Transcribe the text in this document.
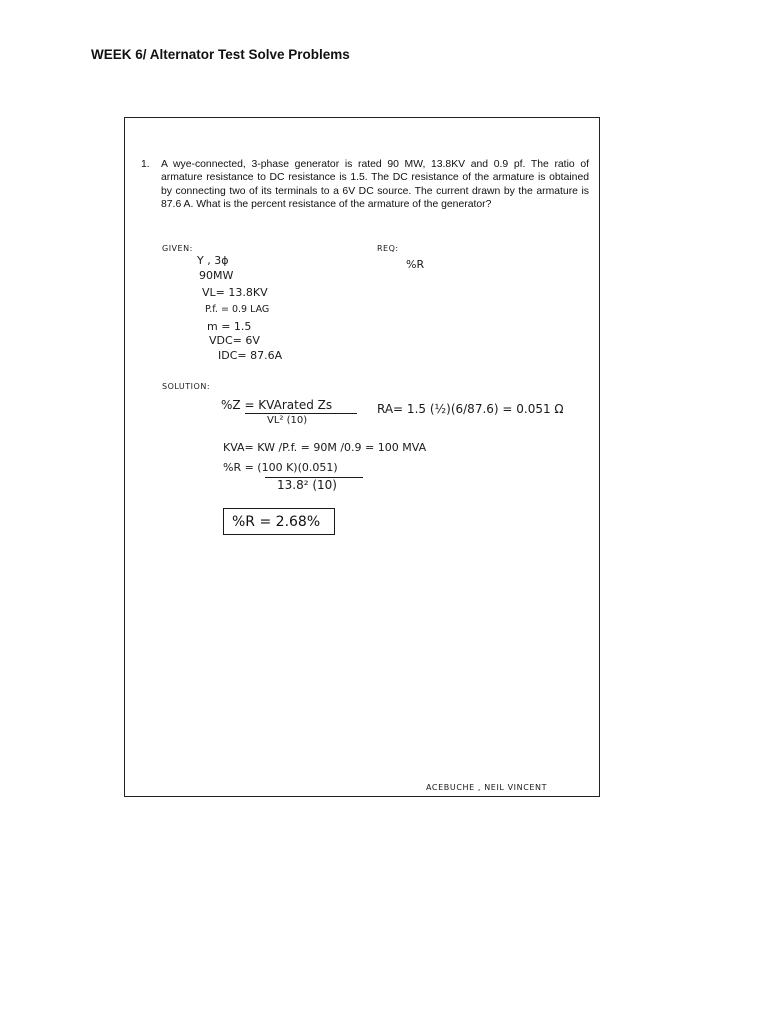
WEEK 6/ Alternator Test Solve Problems
1. A wye-connected, 3-phase generator is rated 90 MW, 13.8KV and 0.9 pf. The ratio of armature resistance to DC resistance is 1.5. The DC resistance of the armature is obtained by connecting two of its terminals to a 6V DC source. The current drawn by the armature is 87.6 A. What is the percent resistance of the armature of the generator?
GIVEN:
Y , 3ϕ
90MW
VL= 13.8KV
P.f. = 0.9 LAG
m = 1.5
VDC= 6V
IDC= 87.6A
REQ:
%R
SOLUTION:
%Z = KVArated Zs
VL² (10)
RA= 1.5 (½)(6/87.6) = 0.051 Ω
KVA= KW /P.f. = 90M /0.9 = 100 MVA
%R = (100 K)(0.051)
13.8² (10)
%R = 2.68%
ACEBUCHE , NEIL VINCENT
